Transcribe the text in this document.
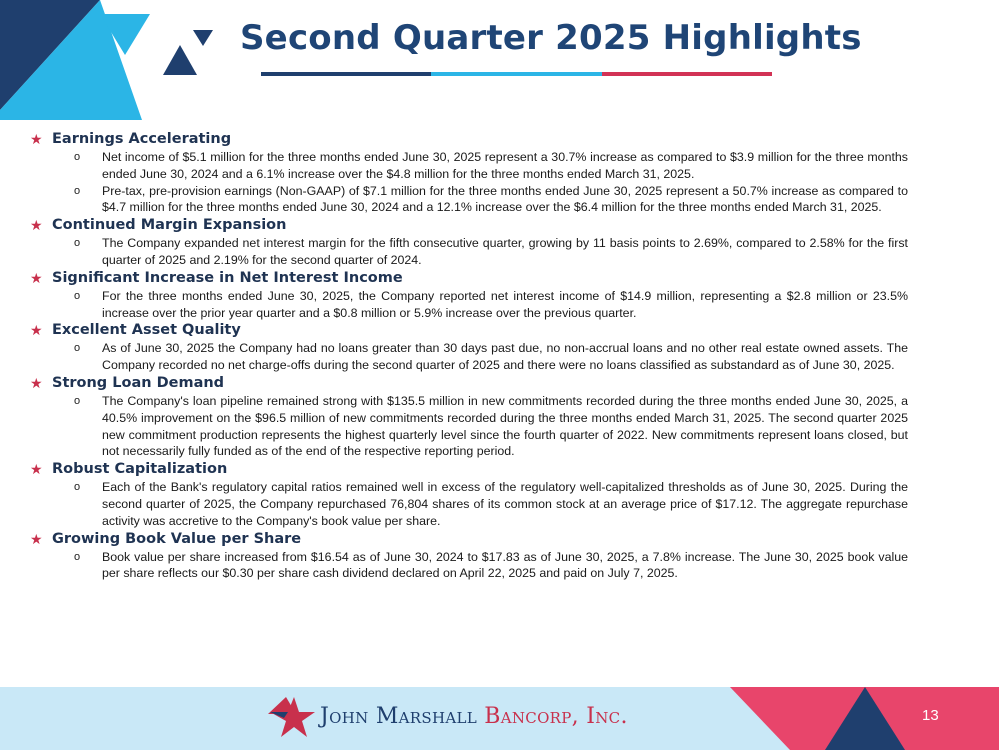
Second Quarter 2025 Highlights
★ Earnings Accelerating
o	Net income of $5.1 million for the three months ended June 30, 2025 represent a 30.7% increase as compared to $3.9 million for the three months ended June 30, 2024 and a 6.1% increase over the $4.8 million for the three months ended March 31, 2025.
o	Pre-tax, pre-provision earnings (Non-GAAP) of $7.1 million for the three months ended June 30, 2025 represent a 50.7% increase as compared to $4.7 million for the three months ended June 30, 2024 and a 12.1% increase over the $6.4 million for the three months ended March 31, 2025.
★ Continued Margin Expansion
o	The Company expanded net interest margin for the fifth consecutive quarter, growing by 11 basis points to 2.69%, compared to 2.58% for the first quarter of 2025 and 2.19% for the second quarter of 2024.
★ Significant Increase in Net Interest Income
o	For the three months ended June 30, 2025, the Company reported net interest income of $14.9 million, representing a $2.8 million or 23.5% increase over the prior year quarter and a $0.8 million or 5.9% increase over the previous quarter.
★ Excellent Asset Quality
o	As of June 30, 2025 the Company had no loans greater than 30 days past due, no non-accrual loans and no other real estate owned assets. The Company recorded no net charge-offs during the second quarter of 2025 and there were no loans classified as substandard as of June 30, 2025.
★ Strong Loan Demand
o	The Company's loan pipeline remained strong with $135.5 million in new commitments recorded during the three months ended June 30, 2025, a 40.5% improvement on the $96.5 million of new commitments recorded during the three months ended March 31, 2025. The second quarter 2025 new commitment production represents the highest quarterly level since the fourth quarter of 2022. New commitments represent loans closed, but not necessarily fully funded as of the end of the respective reporting period.
★ Robust Capitalization
o	Each of the Bank's regulatory capital ratios remained well in excess of the regulatory well-capitalized thresholds as of June 30, 2025. During the second quarter of 2025, the Company repurchased 76,804 shares of its common stock at an average price of $17.12. The aggregate repurchase activity was accretive to the Company's book value per share.
★ Growing Book Value per Share
o	Book value per share increased from $16.54 as of June 30, 2024 to $17.83 as of June 30, 2025, a 7.8% increase. The June 30, 2025 book value per share reflects our $0.30 per share cash dividend declared on April 22, 2025 and paid on July 7, 2025.
John Marshall Bancorp, Inc.	13
